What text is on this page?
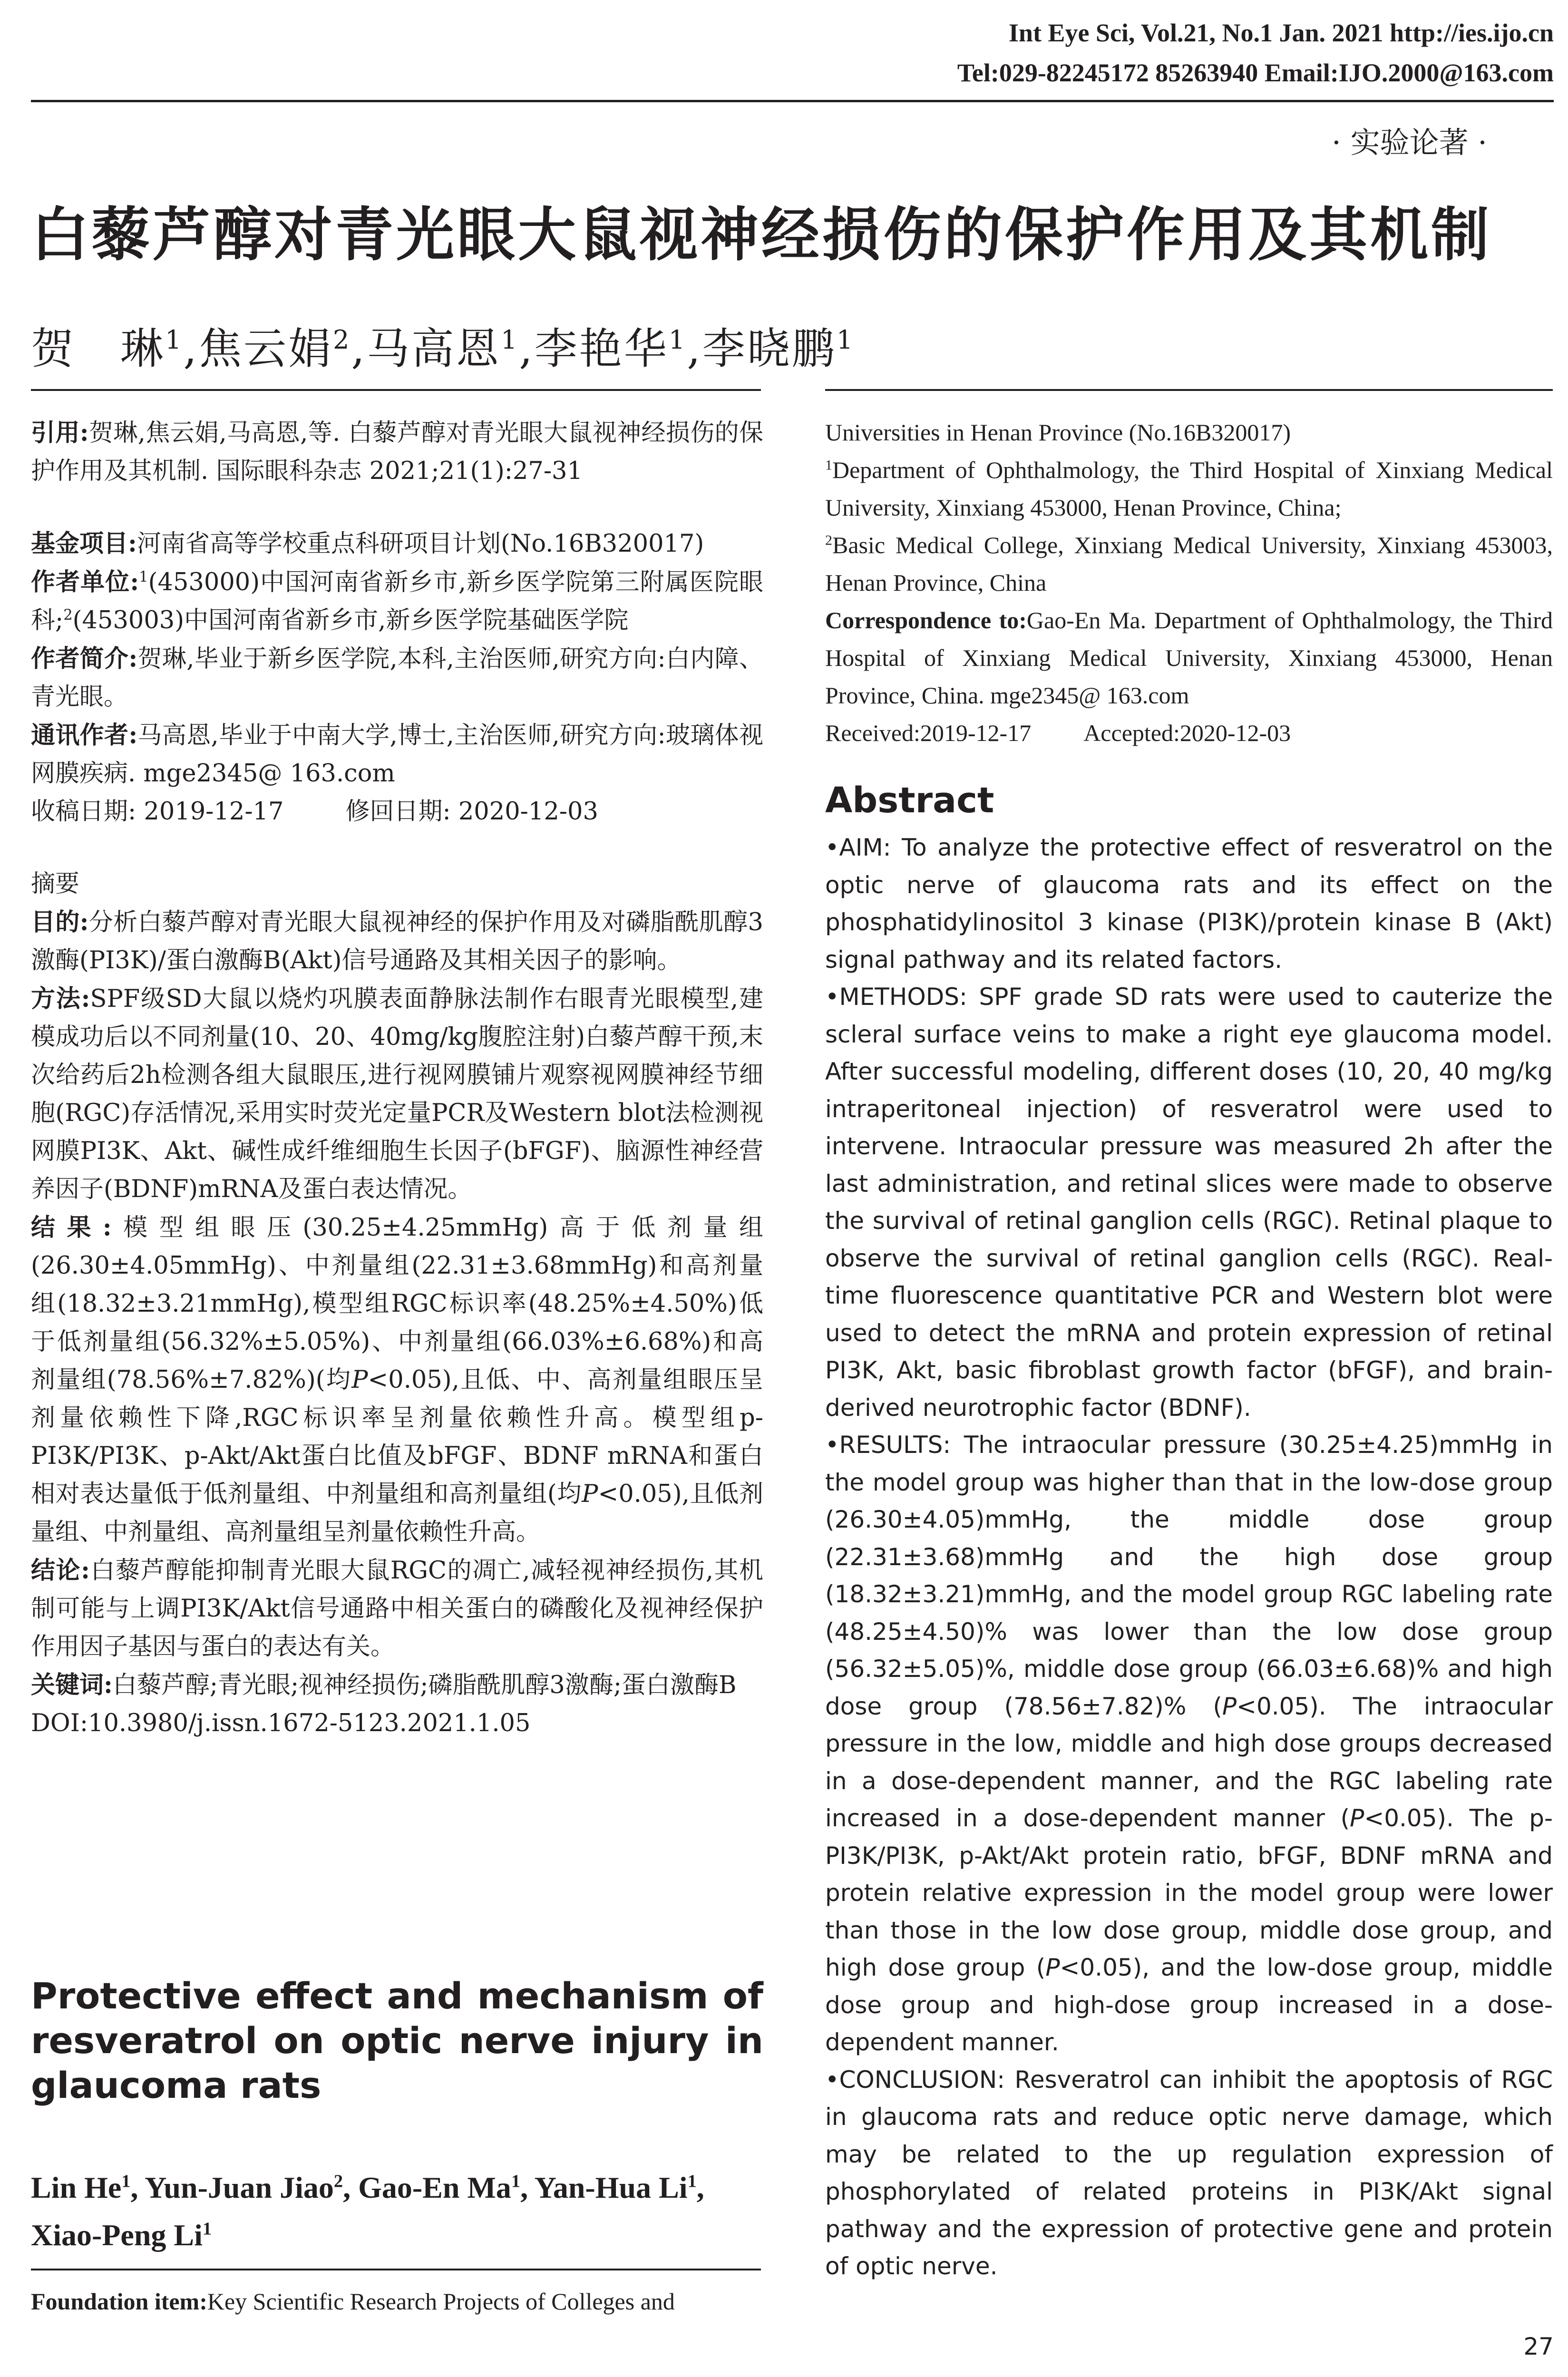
Int Eye Sci, Vol.21, No.1 Jan. 2021 http://ies.ijo.cn
Tel:029-82245172 85263940 Email:IJO.2000@163.com
· 实验论著 ·
白藜芦醇对青光眼大鼠视神经损伤的保护作用及其机制
贺　琳$^1$,焦云娟$^2$,马高恩$^1$,李艳华$^1$,李晓鹏$^1$

引用:贺琳,焦云娟,马高恩,等. 白藜芦醇对青光眼大鼠视神经损伤的保护作用及其机制. 国际眼科杂志 2021;21(1):27-31

基金项目:河南省高等学校重点科研项目计划(No.16B320017)

作者单位:$^1$(453000)中国河南省新乡市,新乡医学院第三附属医院眼科;$^2$(453003)中国河南省新乡市,新乡医学院基础医学院

作者简介:贺琳,毕业于新乡医学院,本科,主治医师,研究方向:白内障、青光眼。

通讯作者:马高恩,毕业于中南大学,博士,主治医师,研究方向:玻璃体视网膜疾病. mge2345@ 163.com

收稿日期: 2019-12-17	修回日期: 2020-12-03

摘要

目的:分析白藜芦醇对青光眼大鼠视神经的保护作用及对磷脂酰肌醇3激酶(PI3K)/蛋白激酶B(Akt)信号通路及其相关因子的影响。

方法:SPF级SD大鼠以烧灼巩膜表面静脉法制作右眼青光眼模型,建模成功后以不同剂量(10、20、40mg/kg腹腔注射)白藜芦醇干预,末次给药后2h检测各组大鼠眼压,进行视网膜铺片观察视网膜神经节细胞(RGC)存活情况,采用实时荧光定量PCR及Western blot法检测视网膜PI3K、Akt、碱性成纤维细胞生长因子(bFGF)、脑源性神经营养因子(BDNF)mRNA及蛋白表达情况。

结果:模型组眼压(30.25±4.25mmHg)高于低剂量组(26.30±4.05mmHg)、中剂量组(22.31±3.68mmHg)和高剂量组(18.32±3.21mmHg),模型组RGC标识率(48.25%±4.50%)低于低剂量组(56.32%±5.05%)、中剂量组(66.03%±6.68%)和高剂量组(78.56%±7.82%)(均P<0.05),且低、中、高剂量组眼压呈剂量依赖性下降,RGC标识率呈剂量依赖性升高。模型组p-PI3K/PI3K、p-Akt/Akt蛋白比值及bFGF、BDNF mRNA和蛋白相对表达量低于低剂量组、中剂量组和高剂量组(均P<0.05),且低剂量组、中剂量组、高剂量组呈剂量依赖性升高。

结论:白藜芦醇能抑制青光眼大鼠RGC的凋亡,减轻视神经损伤,其机制可能与上调PI3K/Akt信号通路中相关蛋白的磷酸化及视神经保护作用因子基因与蛋白的表达有关。

关键词:白藜芦醇;青光眼;视神经损伤;磷脂酰肌醇3激酶;蛋白激酶B

DOI:10.3980/j.issn.1672-5123.2021.1.05

Protective effect and mechanism of resveratrol on optic nerve injury in glaucoma rats
Lin He$^1$, Yun-Juan Jiao$^2$, Gao-En Ma$^1$, Yan-Hua Li$^1$, Xiao-Peng Li$^1$
Foundation item:Key Scientific Research Projects of Colleges and

Universities in Henan Province (No.16B320017)

$^1$Department of Ophthalmology, the Third Hospital of Xinxiang Medical University, Xinxiang 453000, Henan Province, China;

$^2$Basic Medical College, Xinxiang Medical University, Xinxiang 453003, Henan Province, China

Correspondence to:Gao-En Ma. Department of Ophthalmology, the Third Hospital of Xinxiang Medical University, Xinxiang 453000, Henan Province, China. mge2345@ 163.com

Received:2019-12-17 Accepted:2020-12-03

Abstract

•AIM: To analyze the protective effect of resveratrol on the optic nerve of glaucoma rats and its effect on the phosphatidylinositol 3 kinase (PI3K)/protein kinase B (Akt) signal pathway and its related factors.

•METHODS: SPF grade SD rats were used to cauterize the scleral surface veins to make a right eye glaucoma model. After successful modeling, different doses (10, 20, 40 mg/kg intraperitoneal injection) of resveratrol were used to intervene. Intraocular pressure was measured 2h after the last administration, and retinal slices were made to observe the survival of retinal ganglion cells (RGC). Retinal plaque to observe the survival of retinal ganglion cells (RGC). Real-time fluorescence quantitative PCR and Western blot were used to detect the mRNA and protein expression of retinal PI3K, Akt, basic fibroblast growth factor (bFGF), and brain-derived neurotrophic factor (BDNF).

•RESULTS: The intraocular pressure (30.25±4.25)mmHg in the model group was higher than that in the low-dose group (26.30±4.05)mmHg, the middle dose group (22.31±3.68)mmHg and the high dose group (18.32±3.21)mmHg, and the model group RGC labeling rate (48.25±4.50)% was lower than the low dose group (56.32±5.05)%, middle dose group (66.03±6.68)% and high dose group (78.56±7.82)% (P<0.05). The intraocular pressure in the low, middle and high dose groups decreased in a dose-dependent manner, and the RGC labeling rate increased in a dose-dependent manner (P<0.05). The p-PI3K/PI3K, p-Akt/Akt protein ratio, bFGF, BDNF mRNA and protein relative expression in the model group were lower than those in the low dose group, middle dose group, and high dose group (P<0.05), and the low-dose group, middle dose group and high-dose group increased in a dose-dependent manner.

•CONCLUSION: Resveratrol can inhibit the apoptosis of RGC in glaucoma rats and reduce optic nerve damage, which may be related to the up regulation expression of phosphorylated of related proteins in PI3K/Akt signal pathway and the expression of protective gene and protein of optic nerve.

27
